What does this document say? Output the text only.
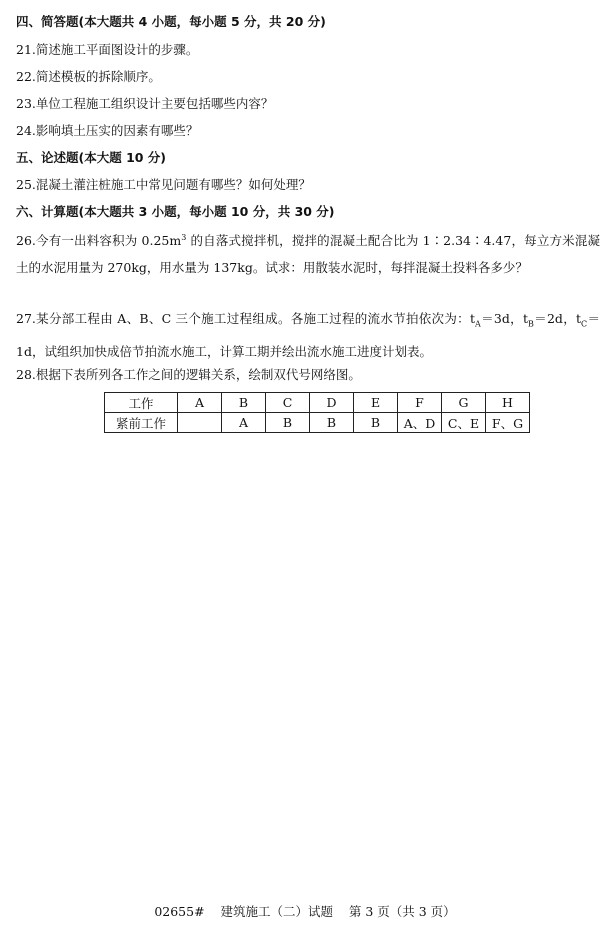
四、简答题(本大题共 4 小题，每小题 5 分，共 20 分)
21.简述施工平面图设计的步骤。
22.简述模板的拆除顺序。
23.单位工程施工组织设计主要包括哪些内容？
24.影响填土压实的因素有哪些？
五、论述题(本大题 10 分)
25.混凝土灌注桩施工中常见问题有哪些？如何处理？
六、计算题(本大题共 3 小题，每小题 10 分，共 30 分)
26.今有一出料容积为 $0.25m^3$ 的自落式搅拌机，搅拌的混凝土配合比为 1∶2.34∶4.47，每立方米混凝土的水泥用量为 270kg，用水量为 137kg。试求：用散装水泥时，每拌混凝土投料各多少？
27.某分部工程由 A、B、C 三个施工过程组成。各施工过程的流水节拍依次为：$t_A=3d$，$t_B=2d$，$t_C=1d$，试组织加快成倍节拍流水施工，计算工期并绘出流水施工进度计划表。
28.根据下表所列各工作之间的逻辑关系，绘制双代号网络图。
工作	A	B	C	D	E	F	G	H
紧前工作		A	B	B	B	A、D	C、E	F、G
02655#    建筑施工（二）试题    第 3 页（共 3 页）
